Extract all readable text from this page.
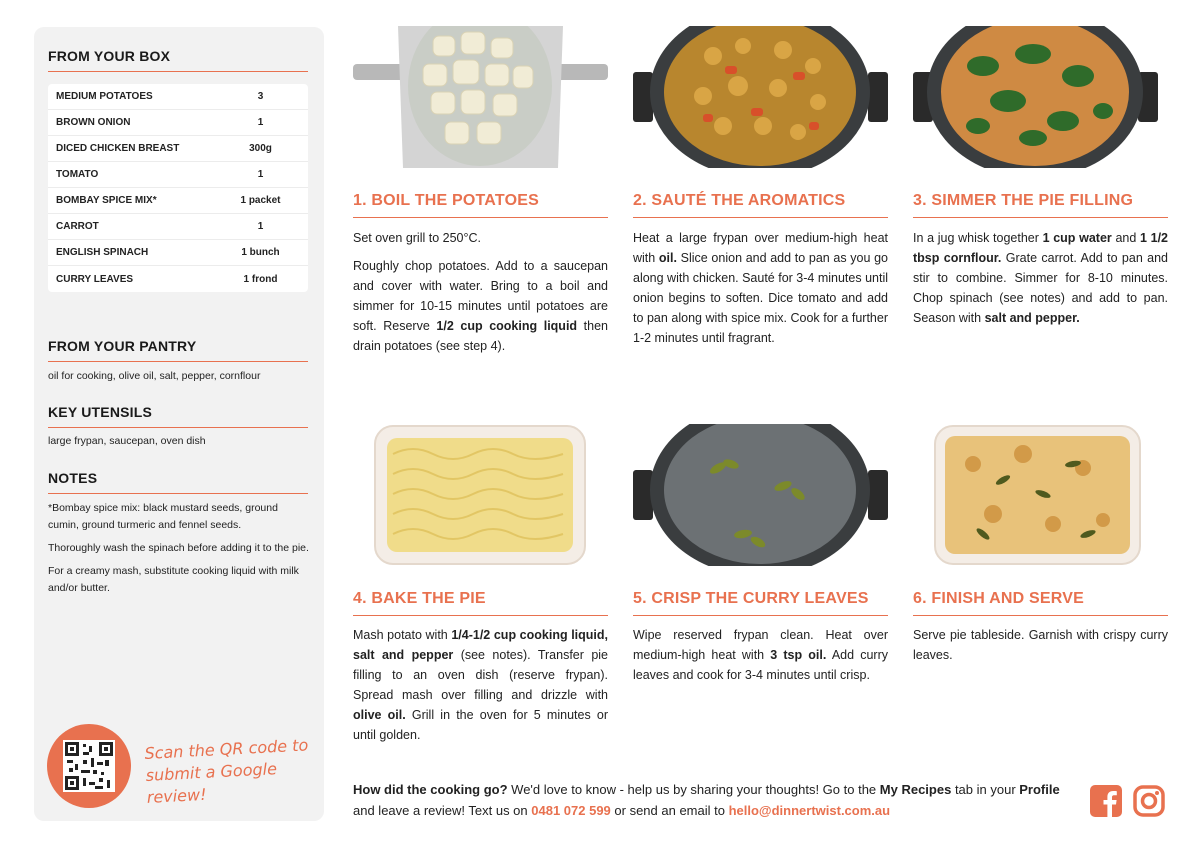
FROM YOUR BOX
MEDIUM POTATOES	3
BROWN ONION	1
DICED CHICKEN BREAST	300g
TOMATO	1
BOMBAY SPICE MIX*	1 packet
CARROT	1
ENGLISH SPINACH	1 bunch
CURRY LEAVES	1 frond
FROM YOUR PANTRY
oil for cooking, olive oil, salt, pepper, cornflour
KEY UTENSILS
large frypan, saucepan, oven dish
NOTES

*Bombay spice mix: black mustard seeds, ground cumin, ground turmeric and fennel seeds.

Thoroughly wash the spinach before adding it to the pie.

For a creamy mash, substitute cooking liquid with milk and/or butter.

Scan the QR code to
submit a Google review!
1. BOIL THE POTATOES

Set oven grill to 250°C.

Roughly chop potatoes. Add to a saucepan and cover with water. Bring to a boil and simmer for 10-15 minutes until potatoes are soft. Reserve 1/2 cup cooking liquid then drain potatoes (see step 4).

2. SAUTÉ THE AROMATICS

Heat a large frypan over medium-high heat with oil. Slice onion and add to pan as you go along with chicken. Sauté for 3-4 minutes until onion begins to soften. Dice tomato and add to pan along with spice mix. Cook for a further 1-2 minutes until fragrant.

3. SIMMER THE PIE FILLING

In a jug whisk together 1 cup water and 1 1/2 tbsp cornflour. Grate carrot. Add to pan and stir to combine. Simmer for 8-10 minutes. Chop spinach (see notes) and add to pan. Season with salt and pepper.

4. BAKE THE PIE

Mash potato with 1/4-1/2 cup cooking liquid, salt and pepper (see notes). Transfer pie filling to an oven dish (reserve frypan). Spread mash over filling and drizzle with olive oil. Grill in the oven for 5 minutes or until golden.

5. CRISP THE CURRY LEAVES

Wipe reserved frypan clean. Heat over medium-high heat with 3 tsp oil. Add curry leaves and cook for 3-4 minutes until crisp.

6. FINISH AND SERVE

Serve pie tableside. Garnish with crispy curry leaves.

How did the cooking go? We'd love to know - help us by sharing your thoughts! Go to the My Recipes tab in your Profile and leave a review! Text us on 0481 072 599 or send an email to hello@dinnertwist.com.au
